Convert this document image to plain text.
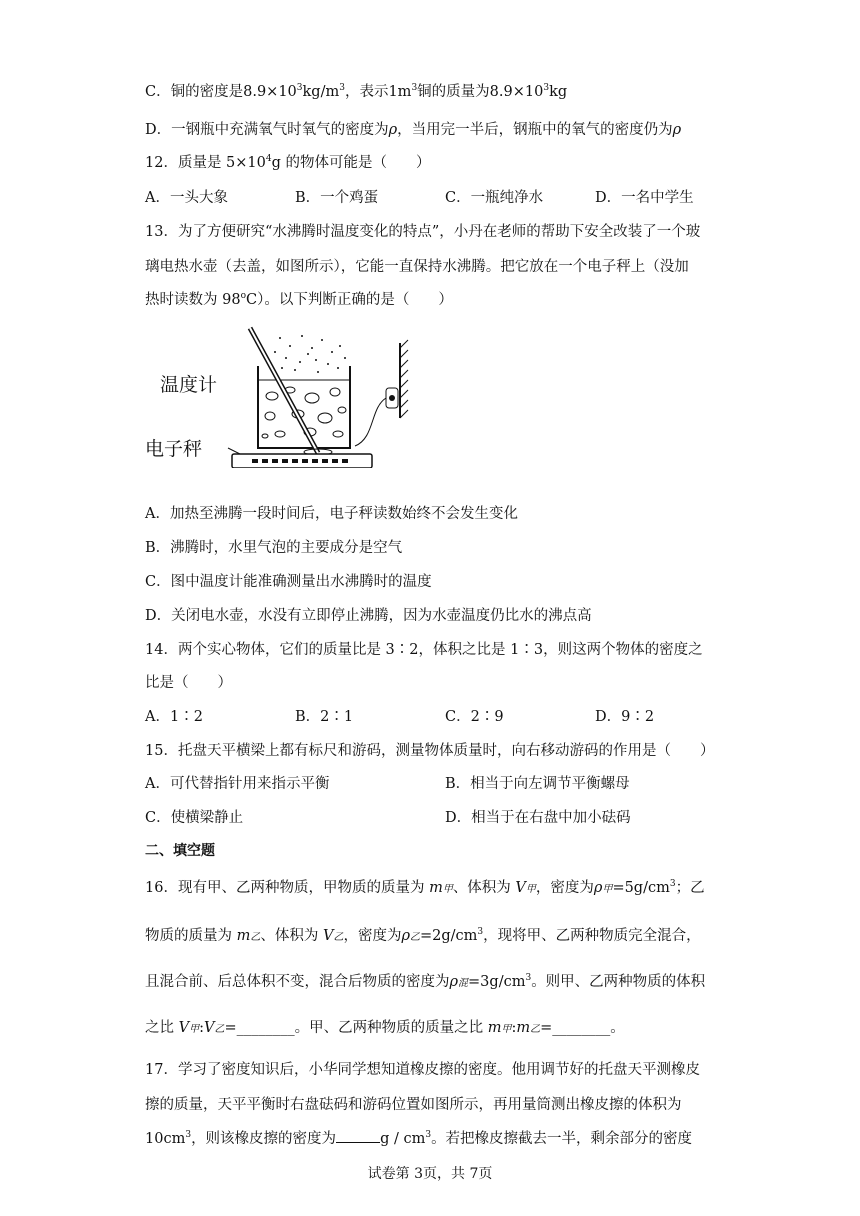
C．铜的密度是$8.9\times 10^3kg/m^3$，表示$1m^3$铜的质量为$8.9\times 10^3kg$
D．一钢瓶中充满氧气时氧气的密度为ρ，当用完一半后，钢瓶中的氧气的密度仍为ρ
12．质量是 $5\times 10^4g$ 的物体可能是（　　）
A．一头大象	B．一个鸡蛋	C．一瓶纯净水	D．一名中学生
13．为了方便研究“水沸腾时温度变化的特点”，小丹在老师的帮助下安全改装了一个玻
璃电热水壶（去盖，如图所示），它能一直保持水沸腾。把它放在一个电子秤上（没加
热时读数为 98$^o$C）。以下判断正确的是（　　）
温度计
电子秤
A．加热至沸腾一段时间后，电子秤读数始终不会发生变化
B．沸腾时，水里气泡的主要成分是空气
C．图中温度计能准确测量出水沸腾时的温度
D．关闭电水壶，水没有立即停止沸腾，因为水壶温度仍比水的沸点高
14．两个实心物体，它们的质量比是 3∶2，体积之比是 1∶3，则这两个物体的密度之
比是（　　）
A．1∶2	B．2∶1	C．2∶9	D．9∶2
15．托盘天平横梁上都有标尺和游码，测量物体质量时，向右移动游码的作用是（　　）
A．可代替指针用来指示平衡	B．相当于向左调节平衡螺母
C．使横梁静止	D．相当于在右盘中加小砝码
二、填空题
16．现有甲、乙两种物质，甲物质的质量为 m甲、体积为 V甲，密度为ρ甲$=5g/cm^3$；乙
物质的质量为 m乙、体积为 V乙，密度为ρ乙$=2g/cm^3$，现将甲、乙两种物质完全混合，
且混合前、后总体积不变，混合后物质的密度为ρ混$=3g/cm^3$。则甲、乙两种物质的体积
之比 V甲:V乙=________。甲、乙两种物质的质量之比 m甲:m乙=________。
17．学习了密度知识后，小华同学想知道橡皮擦的密度。他用调节好的托盘天平测橡皮
擦的质量，天平平衡时右盘砝码和游码位置如图所示，再用量筒测出橡皮擦的体积为
$10cm^3$，则该橡皮擦的密度为	g / $cm^3$。若把橡皮擦截去一半，剩余部分的密度
试卷第 3页，共 7页
